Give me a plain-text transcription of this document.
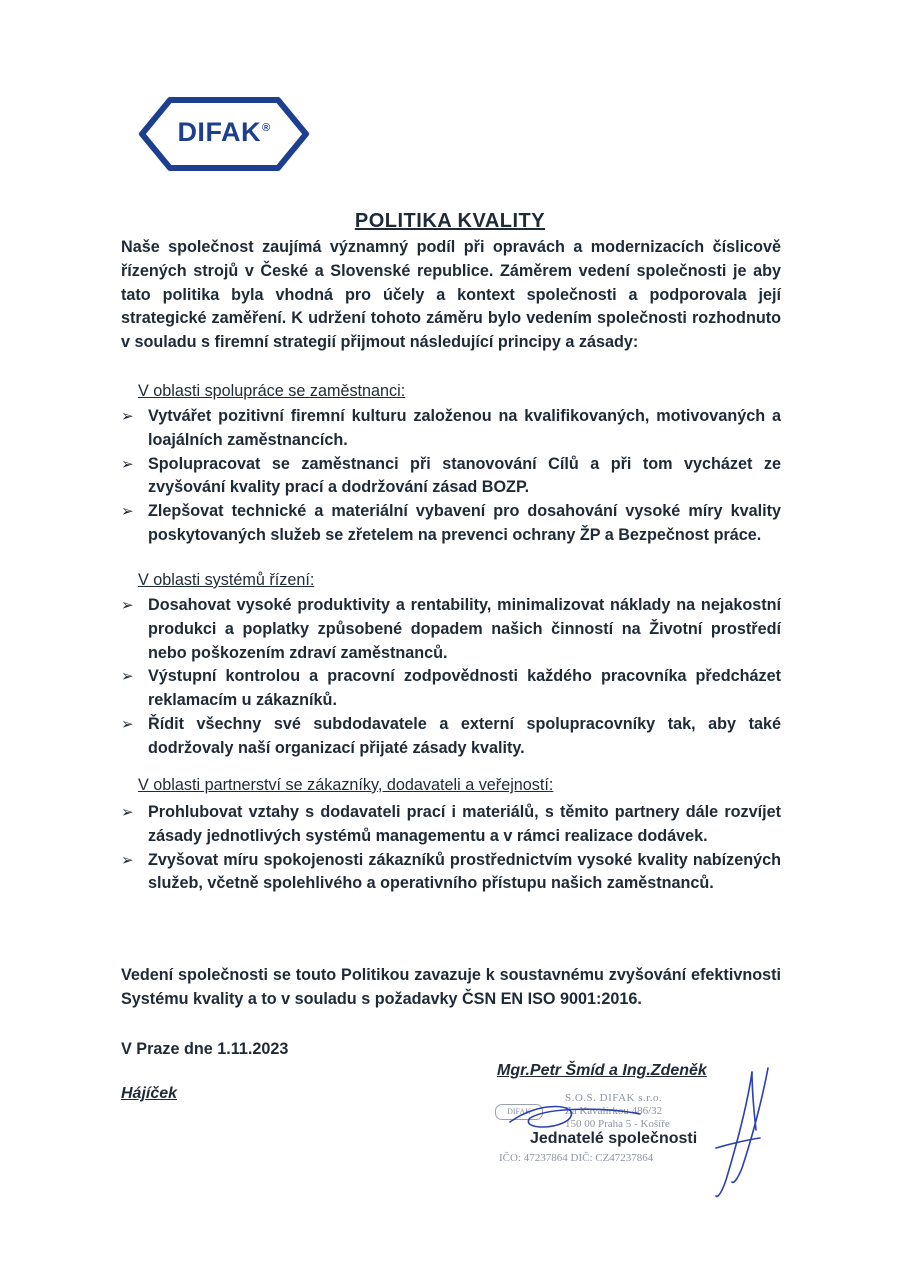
DIFAK®
POLITIKA KVALITY
Naše společnost zaujímá významný podíl při opravách a modernizacích číslicově řízených strojů v České a Slovenské republice. Záměrem vedení společnosti je aby tato politika byla vhodná pro účely a kontext společnosti a podporovala její strategické zaměření. K udržení tohoto záměru bylo vedením společnosti rozhodnuto v souladu s firemní strategií přijmout následující principy a zásady:
V oblasti spolupráce se zaměstnanci:
➢ Vytvářet pozitivní firemní kulturu založenou na kvalifikovaných, motivovaných a loajálních zaměstnancích.
➢ Spolupracovat se zaměstnanci při stanovování Cílů a při tom vycházet ze zvyšování kvality prací a dodržování zásad BOZP.
➢ Zlepšovat technické a materiální vybavení pro dosahování vysoké míry kvality poskytovaných služeb se zřetelem na prevenci ochrany ŽP a Bezpečnost práce.
V oblasti systémů řízení:
➢ Dosahovat vysoké produktivity a rentability, minimalizovat náklady na nejakostní produkci a poplatky způsobené dopadem našich činností na Životní prostředí nebo poškozením zdraví zaměstnanců.
➢ Výstupní kontrolou a pracovní zodpovědnosti každého pracovníka předcházet reklamacím u zákazníků.
➢ Řídit všechny své subdodavatele a externí spolupracovníky tak, aby také dodržovaly naší organizací přijaté zásady kvality.
V oblasti partnerství se zákazníky, dodavateli a veřejností:
➢ Prohlubovat vztahy s dodavateli prací i materiálů, s těmito partnery dále rozvíjet zásady jednotlivých systémů managementu a v rámci realizace dodávek.
➢ Zvyšovat míru spokojenosti zákazníků prostřednictvím vysoké kvality nabízených služeb, včetně spolehlivého a operativního přístupu našich zaměstnanců.
Vedení společnosti se touto Politikou zavazuje k soustavnému zvyšování efektivnosti Systému kvality a to v souladu s požadavky ČSN EN ISO 9001:2016.
V Praze dne 1.11.2023
Mgr.Petr Šmíd a Ing.Zdeněk
Hájíček
DIFAK
S.O.S. DIFAK s.r.o.
Za Kavalírkou 486/32
150 00 Praha 5 - Košíře
IČO: 47237864 DIČ: CZ47237864
Jednatelé společnosti
